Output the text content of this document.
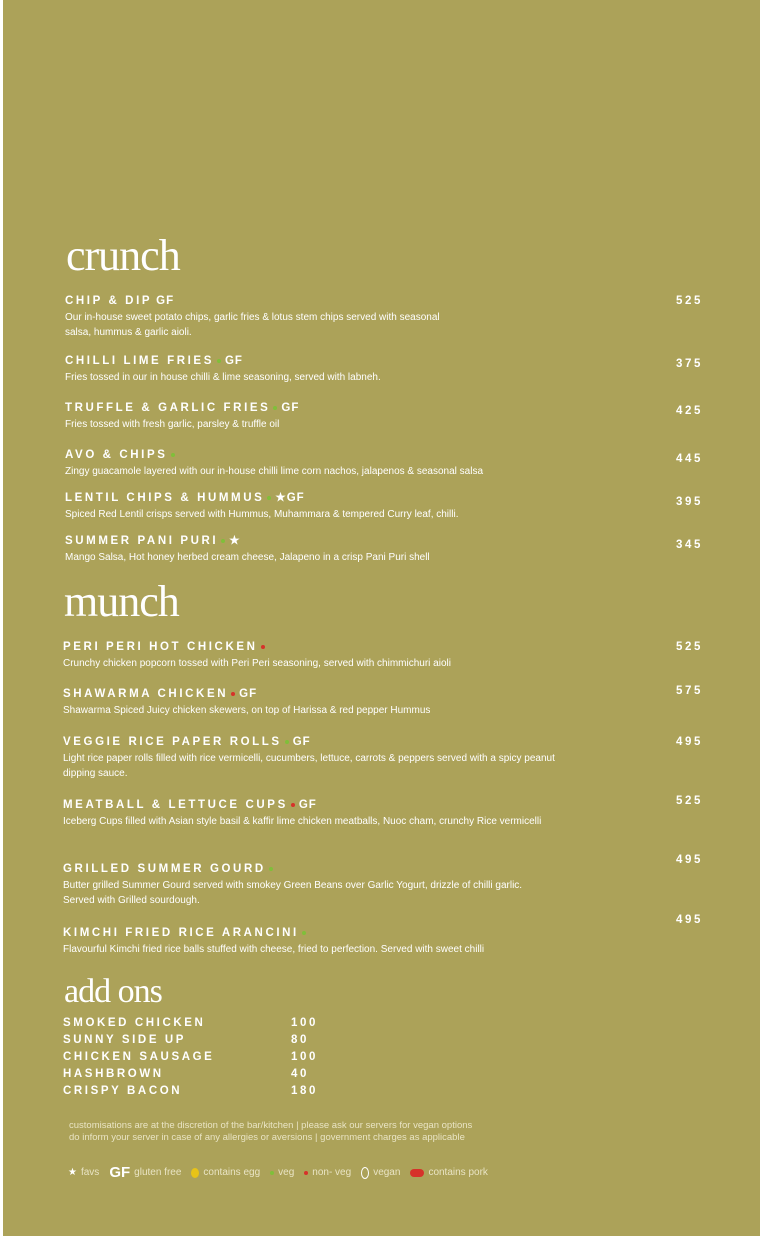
crunch
CHIP & DIP GF
Our in-house sweet potato chips, garlic fries & lotus stem chips served with seasonal salsa, hummus & garlic aioli.
525
CHILLI LIME FRIES GF
Fries tossed in our in house chilli & lime seasoning, served with labneh.
375
TRUFFLE & GARLIC FRIES GF
Fries tossed with fresh garlic, parsley & truffle oil
425
AVO & CHIPS
Zingy guacamole layered with our in-house chilli lime corn nachos, jalapenos & seasonal salsa
445
LENTIL CHIPS & HUMMUS ★GF
Spiced Red Lentil crisps served with Hummus, Muhammara & tempered Curry leaf, chilli.
395
SUMMER PANI PURI ★
Mango Salsa, Hot honey herbed cream cheese, Jalapeno in a crisp Pani Puri shell
345
munch
PERI PERI HOT CHICKEN
Crunchy chicken popcorn tossed with Peri Peri seasoning, served with chimmichuri aioli
525
SHAWARMA CHICKEN GF
Shawarma Spiced Juicy chicken skewers, on top of Harissa & red pepper Hummus
575
VEGGIE RICE PAPER ROLLS GF
Light rice paper rolls filled with rice vermicelli, cucumbers, lettuce, carrots & peppers served with a spicy peanut dipping sauce.
495
MEATBALL & LETTUCE CUPS GF
Iceberg Cups filled with Asian style basil & kaffir lime chicken meatballs, Nuoc cham, crunchy Rice vermicelli
525
GRILLED SUMMER GOURD
Butter grilled Summer Gourd served with smokey Green Beans over Garlic Yogurt, drizzle of chilli garlic. Served with Grilled sourdough.
495
KIMCHI FRIED RICE ARANCINI
Flavourful Kimchi fried rice balls stuffed with cheese, fried to perfection. Served with sweet chilli
495
add ons
SMOKED CHICKEN	100
SUNNY SIDE UP	80
CHICKEN SAUSAGE	100
HASHBROWN	40
CRISPY BACON	180
customisations are at the discretion of the bar/kitchen | please ask our servers for vegan options
do inform your server in case of any allergies or aversions | government charges as applicable
★ favs GF gluten free contains egg veg non- veg vegan	contains pork
